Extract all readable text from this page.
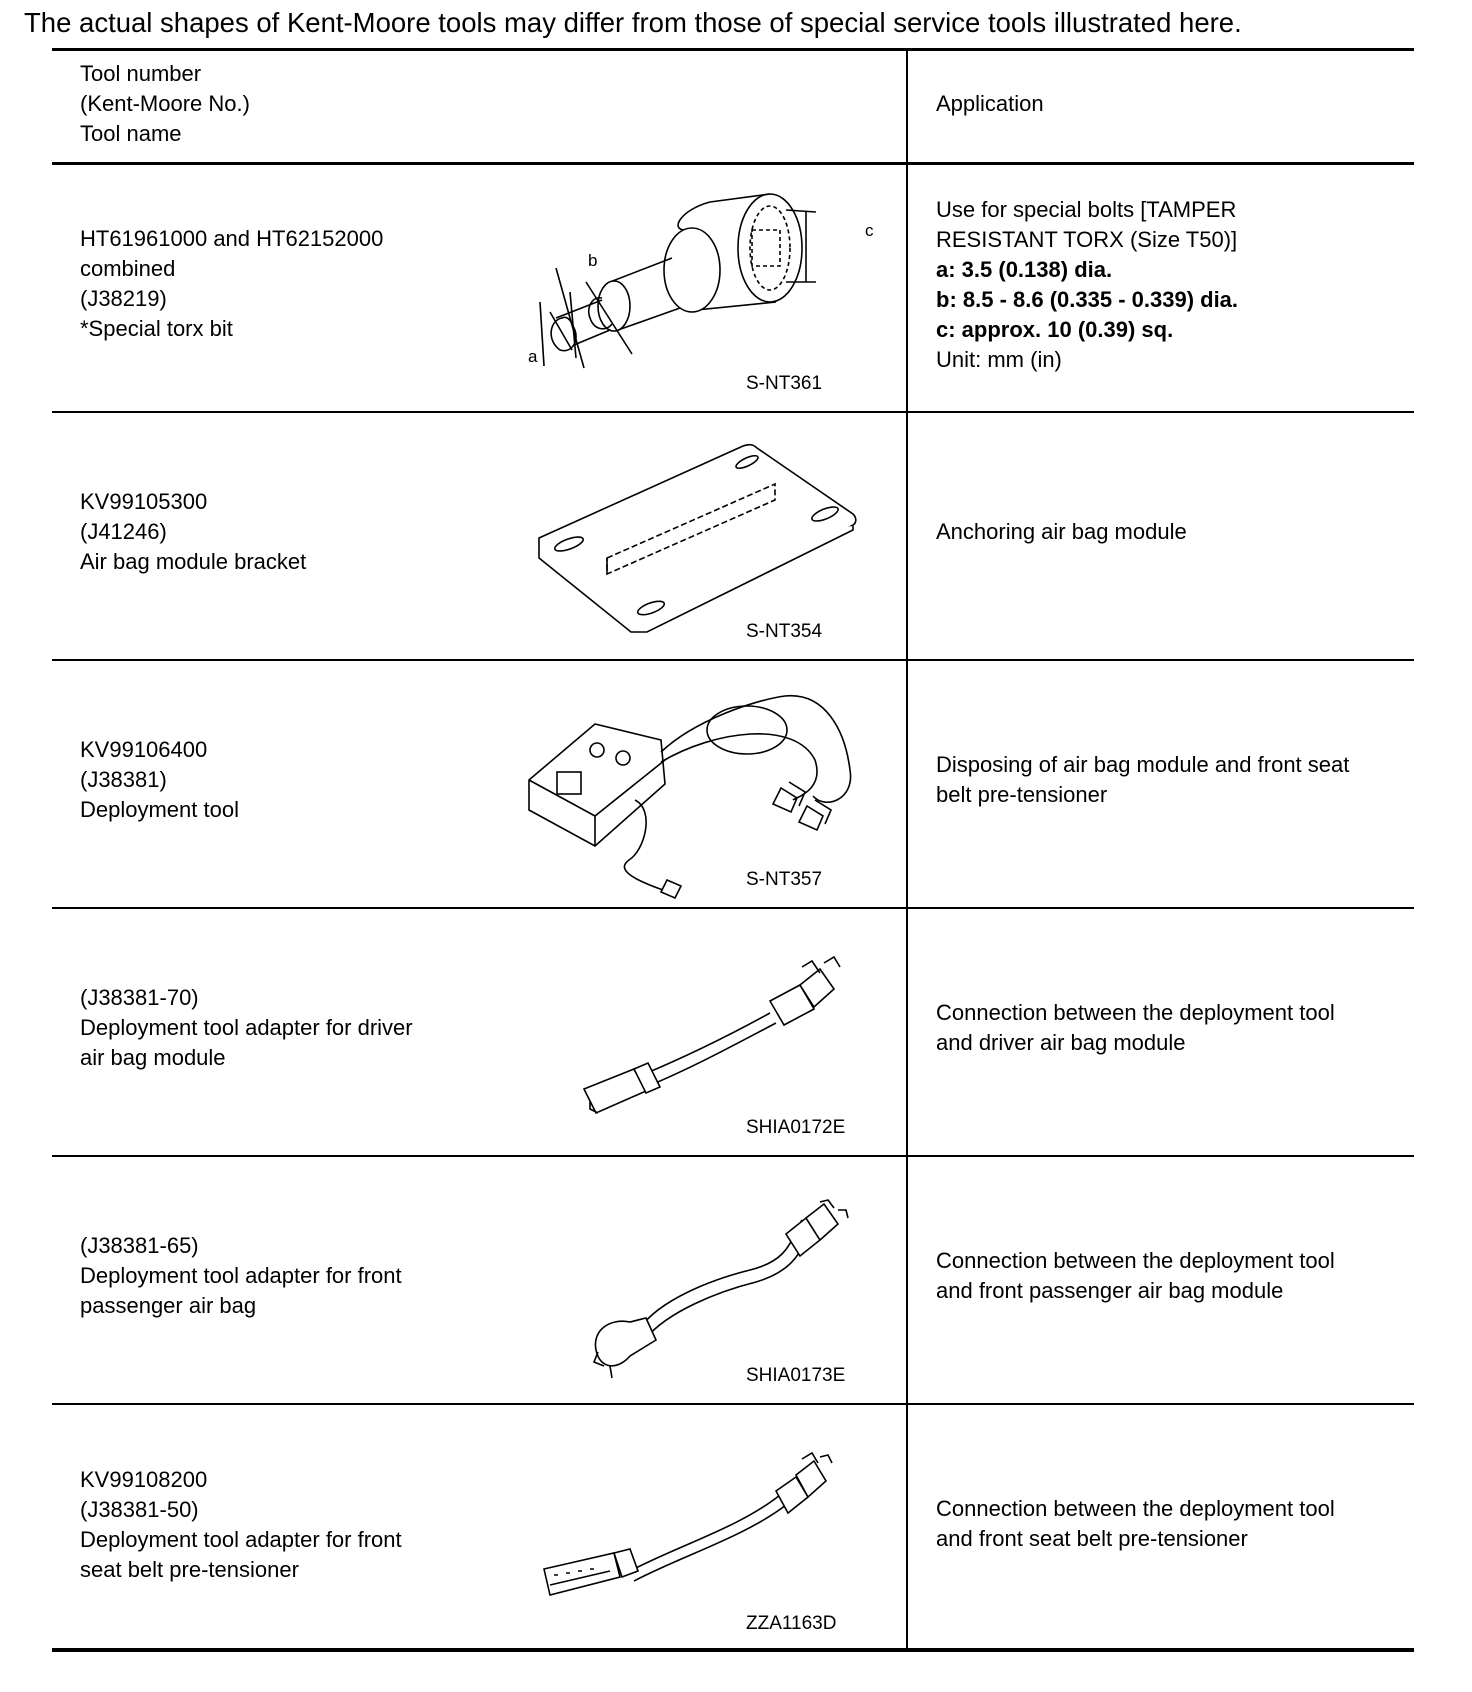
The actual shapes of Kent-Moore tools may differ from those of special service tools illustrated here.
Tool number
(Kent-Moore No.)
Tool name
Application
HT61961000 and HT62152000
combined
(J38219)
*Special torx bit
a
b
c
S-NT361
Use for special bolts [TAMPER
RESISTANT TORX (Size T50)]
a: 3.5 (0.138) dia.
b: 8.5 - 8.6 (0.335 - 0.339) dia.
c: approx. 10 (0.39) sq.
Unit: mm (in)
KV99105300
(J41246)
Air bag module bracket
S-NT354
Anchoring air bag module
KV99106400
(J38381)
Deployment tool
S-NT357
Disposing of air bag module and front seat
belt pre-tensioner
(J38381-70)
Deployment tool adapter for driver
air bag module
SHIA0172E
Connection between the deployment tool
and driver air bag module
(J38381-65)
Deployment tool adapter for front
passenger air bag
SHIA0173E
Connection between the deployment tool
and front passenger air bag module
KV99108200
(J38381-50)
Deployment tool adapter for front
seat belt pre-tensioner
ZZA1163D
Connection between the deployment tool
and front seat belt pre-tensioner
